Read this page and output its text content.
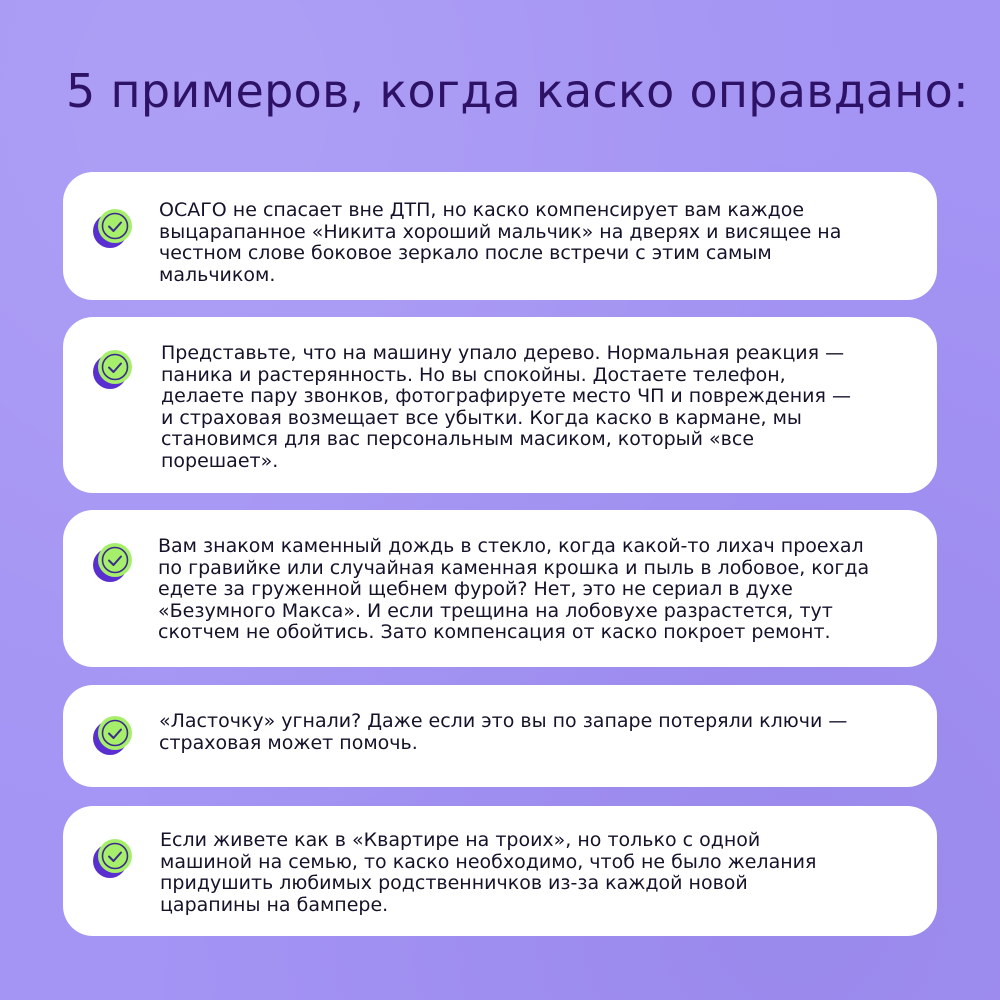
5 примеров, когда каско оправдано:
ОСАГО не спасает вне ДТП, но каско компенсирует вам каждое
выцарапанное «Никита хороший мальчик» на дверях и висящее на
честном слове боковое зеркало после встречи с этим самым
мальчиком.
Представьте, что на машину упало дерево. Нормальная реакция —
паника и растерянность. Но вы спокойны. Достаете телефон,
делаете пару звонков, фотографируете место ЧП и повреждения —
и страховая возмещает все убытки. Когда каско в кармане, мы
становимся для вас персональным масиком, который «все
порешает».
Вам знаком каменный дождь в стекло, когда какой-то лихач проехал
по гравийке или случайная каменная крошка и пыль в лобовое, когда
едете за груженной щебнем фурой? Нет, это не сериал в духе
«Безумного Макса». И если трещина на лобовухе разрастется, тут
скотчем не обойтись. Зато компенсация от каско покроет ремонт.
«Ласточку» угнали? Даже если это вы по запаре потеряли ключи —
страховая может помочь.
Если живете как в «Квартире на троих», но только с одной
машиной на семью, то каско необходимо, чтоб не было желания
придушить любимых родственничков из-за каждой новой
царапины на бампере.
